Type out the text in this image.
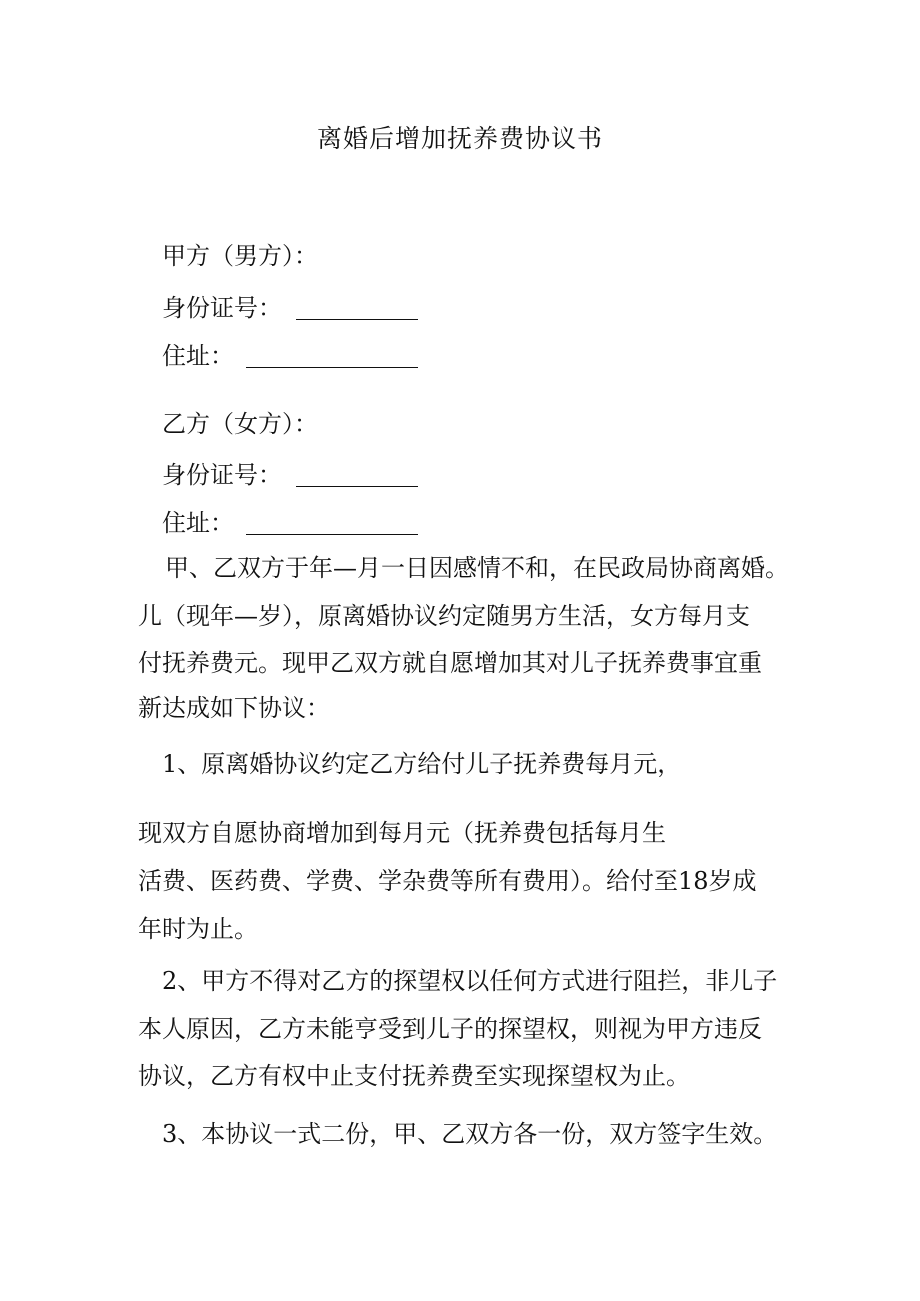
离婚后增加抚养费协议书
甲方（男方）：
身份证号：
住址：
乙方（女方）：
身份证号：
住址：
甲、乙双方于年—月一日因感情不和，在民政局协商离婚。
儿（现年—岁），原离婚协议约定随男方生活，女方每月支
付抚养费元。现甲乙双方就自愿增加其对儿子抚养费事宜重
新达成如下协议：
1、原离婚协议约定乙方给付儿子抚养费每月元，
现双方自愿协商增加到每月元（抚养费包括每月生
活费、医药费、学费、学杂费等所有费用）。给付至18岁成
年时为止。
2、甲方不得对乙方的探望权以任何方式进行阻拦，非儿子
本人原因，乙方未能亨受到儿子的探望权，则视为甲方违反
协议，乙方有权中止支付抚养费至实现探望权为止。
3、本协议一式二份，甲、乙双方各一份，双方签字生效。
